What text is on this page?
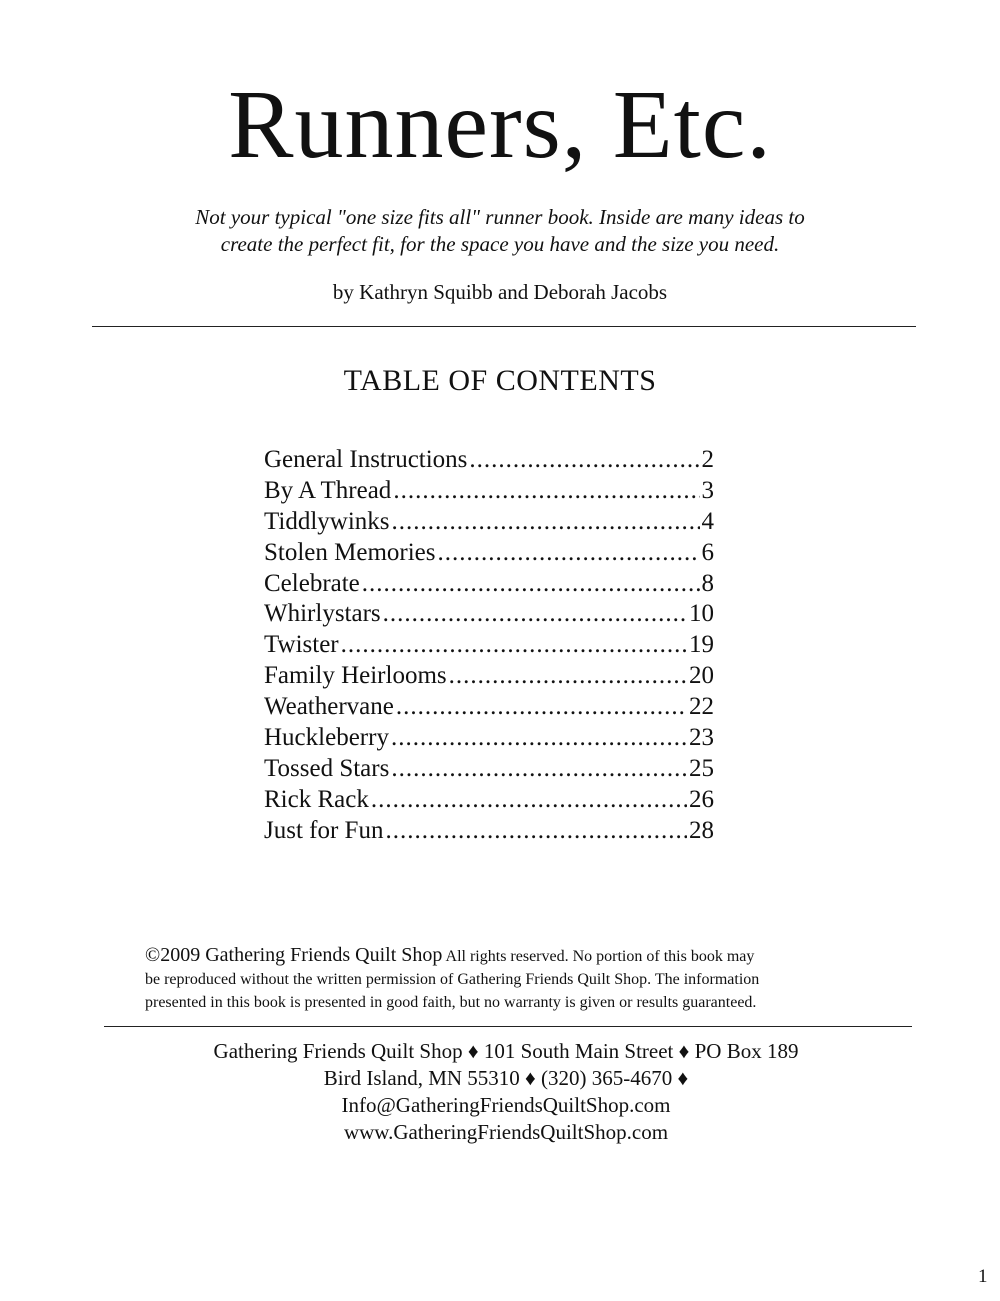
Runners, Etc.
Not your typical "one size fits all" runner book. Inside are many ideas to
create the perfect fit, for the space you have and the size you need.
by Kathryn Squibb and Deborah Jacobs
TABLE OF CONTENTS
General Instructions .....	2
By A Thread .....	3
Tiddlywinks .....	4
Stolen Memories .....	6
Celebrate .....	8
Whirlystars .....	10
Twister .....	19
Family Heirlooms .....	20
Weathervane .....	22
Huckleberry .....	23
Tossed Stars .....	25
Rick Rack .....	26
Just for Fun .....	28
©2009 Gathering Friends Quilt Shop All rights reserved. No portion of this book may
be reproduced without the written permission of Gathering Friends Quilt Shop. The information
presented in this book is presented in good faith, but no warranty is given or results guaranteed.
Gathering Friends Quilt Shop ♦ 101 South Main Street ♦ PO Box 189
Bird Island, MN 55310 ♦ (320) 365-4670 ♦
Info@GatheringFriendsQuiltShop.com
www.GatheringFriendsQuiltShop.com
1
